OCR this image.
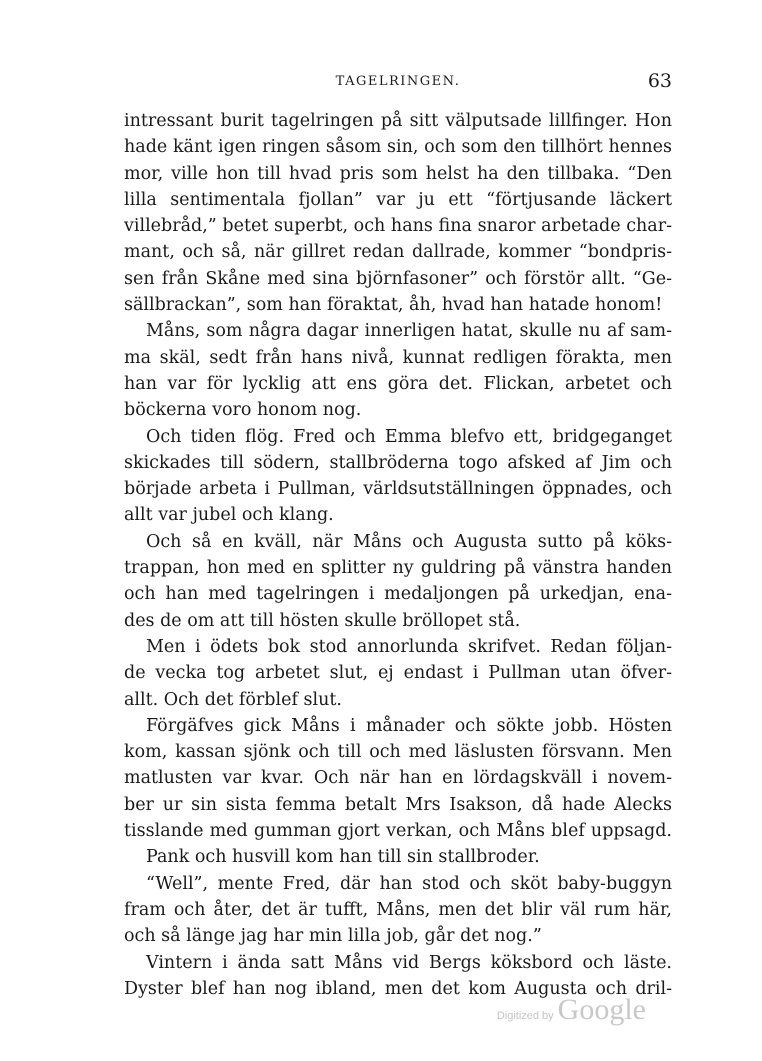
TAGELRINGEN.	63
intressant burit tagelringen på sitt välputsade lillfinger. Hon
hade känt igen ringen såsom sin, och som den tillhört hennes
mor, ville hon till hvad pris som helst ha den tillbaka. “Den
lilla sentimentala fjollan” var ju ett “förtjusande läckert
villebråd,” betet superbt, och hans fina snaror arbetade char-
mant, och så, när gillret redan dallrade, kommer “bondpris-
sen från Skåne med sina björnfasoner” och förstör allt. “Ge-
sällbrackan”, som han föraktat, åh, hvad han hatade honom!
Måns, som några dagar innerligen hatat, skulle nu af sam-
ma skäl, sedt från hans nivå, kunnat redligen förakta, men
han var för lycklig att ens göra det. Flickan, arbetet och
böckerna voro honom nog.
Och tiden flög. Fred och Emma blefvo ett, bridgeganget
skickades till södern, stallbröderna togo afsked af Jim och
började arbeta i Pullman, världsutställningen öppnades, och
allt var jubel och klang.
Och så en kväll, när Måns och Augusta sutto på köks-
trappan, hon med en splitter ny guldring på vänstra handen
och han med tagelringen i medaljongen på urkedjan, ena-
des de om att till hösten skulle bröllopet stå.
Men i ödets bok stod annorlunda skrifvet. Redan följan-
de vecka tog arbetet slut, ej endast i Pullman utan öfver-
allt. Och det förblef slut.
Förgäfves gick Måns i månader och sökte jobb. Hösten
kom, kassan sjönk och till och med läslusten försvann. Men
matlusten var kvar. Och när han en lördagskväll i novem-
ber ur sin sista femma betalt Mrs Isakson, då hade Alecks
tisslande med gumman gjort verkan, och Måns blef uppsagd.
Pank och husvill kom han till sin stallbroder.
“Well”, mente Fred, där han stod och sköt baby-buggyn
fram och åter, det är tufft, Måns, men det blir väl rum här,
och så länge jag har min lilla job, går det nog.”
Vintern i ända satt Måns vid Bergs köksbord och läste.
Dyster blef han nog ibland, men det kom Augusta och dril-
Digitized by Google
